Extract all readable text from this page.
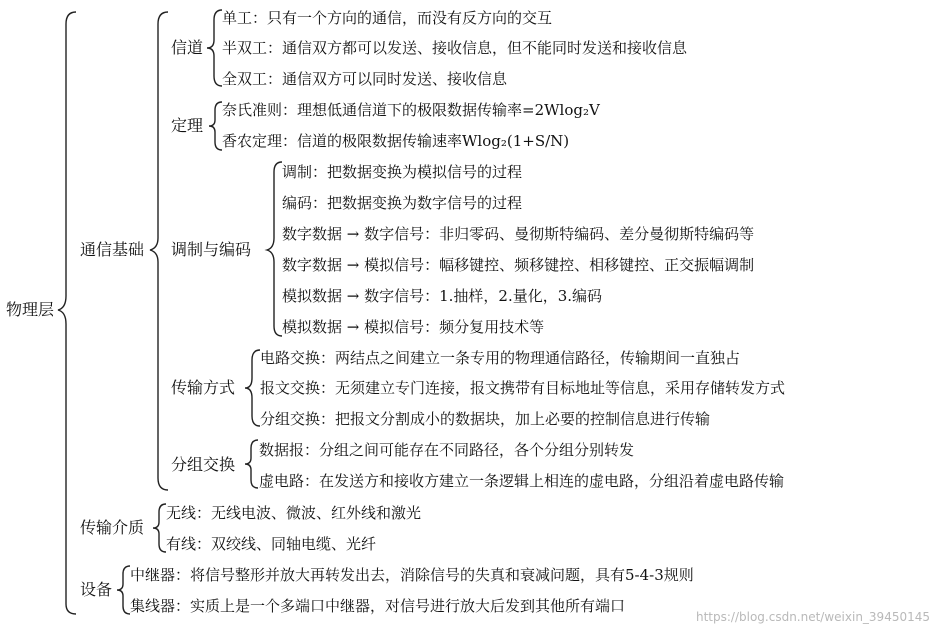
物理层
通信基础
信道
单工：只有一个方向的通信，而没有反方向的交互
半双工：通信双方都可以发送、接收信息，但不能同时发送和接收信息
全双工：通信双方可以同时发送、接收信息
定理
奈氏准则：理想低通信道下的极限数据传输率=2Wlog₂V
香农定理：信道的极限数据传输速率Wlog₂(1+S/N)
调制与编码
调制：把数据变换为模拟信号的过程
编码：把数据变换为数字信号的过程
数字数据 → 数字信号：非归零码、曼彻斯特编码、差分曼彻斯特编码等
数字数据 → 模拟信号：幅移键控、频移键控、相移键控、正交振幅调制
模拟数据 → 数字信号：1.抽样，2.量化，3.编码
模拟数据 → 模拟信号：频分复用技术等
传输方式
电路交换：两结点之间建立一条专用的物理通信路径，传输期间一直独占
报文交换：无须建立专门连接，报文携带有目标地址等信息，采用存储转发方式
分组交换：把报文分割成小的数据块，加上必要的控制信息进行传输
分组交换
数据报：分组之间可能存在不同路径，各个分组分别转发
虚电路：在发送方和接收方建立一条逻辑上相连的虚电路，分组沿着虚电路传输
传输介质
无线：无线电波、微波、红外线和激光
有线：双绞线、同轴电缆、光纤
设备
中继器：将信号整形并放大再转发出去，消除信号的失真和衰减问题，具有5-4-3规则
集线器：实质上是一个多端口中继器，对信号进行放大后发到其他所有端口
https://blog.csdn.net/weixin_39450145
